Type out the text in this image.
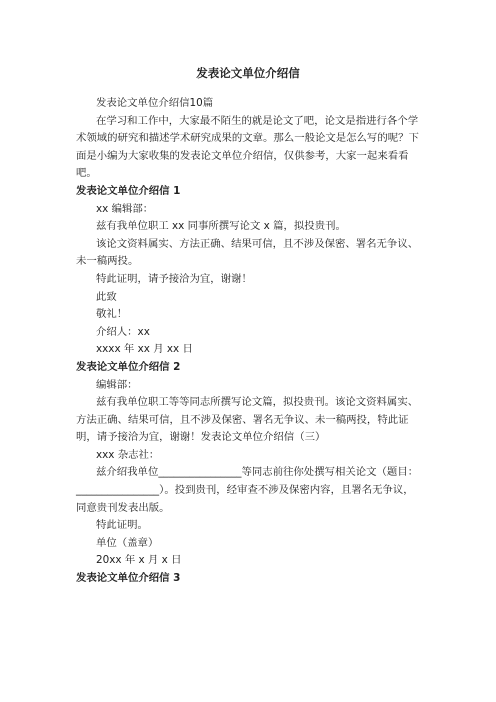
发表论文单位介绍信

发表论文单位介绍信10篇

在学习和工作中，大家最不陌生的就是论文了吧，论文是指进行各个学术领域的研究和描述学术研究成果的文章。那么一般论文是怎么写的呢？下面是小编为大家收集的发表论文单位介绍信，仅供参考，大家一起来看看吧。

发表论文单位介绍信 1

xx 编辑部：

兹有我单位职工 xx 同事所撰写论文 x 篇，拟投贵刊。

该论文资料属实、方法正确、结果可信，且不涉及保密、署名无争议、未一稿两投。

特此证明，请予接洽为宜，谢谢！

此致

敬礼！

介绍人：xx

xxxx 年 xx 月 xx 日

发表论文单位介绍信 2

编辑部：

兹有我单位职工等等同志所撰写论文篇，拟投贵刊。该论文资料属实、方法正确、结果可信，且不涉及保密、署名无争议、未一稿两投，特此证明，请予接洽为宜，谢谢！发表论文单位介绍信（三）

xxx 杂志社：

兹介绍我单位________________等同志前往你处撰写相关论文（题目：________________）。投到贵刊，经审查不涉及保密内容，且署名无争议，同意贵刊发表出版。

特此证明。

单位（盖章）

20xx 年 x 月 x 日

发表论文单位介绍信 3
